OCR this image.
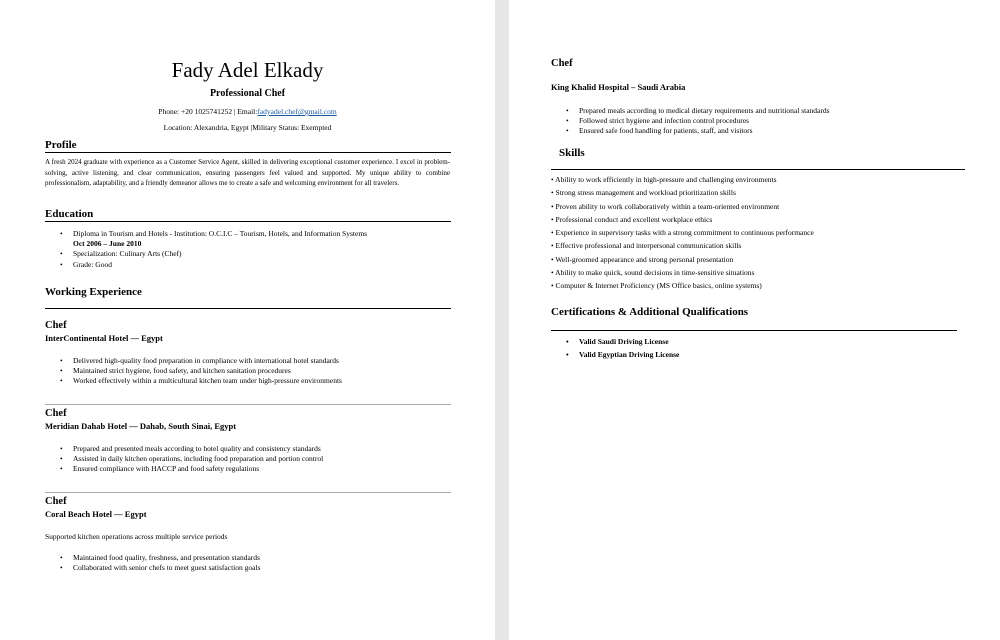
Fady Adel Elkady
Professional Chef
Phone: +20 1025741252 | Email:fadyadel.chef@gmail.com
Location: Alexandria, Egypt |Military Status: Exempted
Profile
A fresh 2024 graduate with experience as a Customer Service Agent, skilled in delivering exceptional customer experience. I excel in problem-solving, active listening, and clear communication, ensuring passengers feel valued and supported. My unique ability to combine professionalism, adaptability, and a friendly demeanor allows me to create a safe and welcoming environment for all travelers.
Education
• Diploma in Tourism and Hotels - Institution: O.C.I.C – Tourism, Hotels, and Information Systems
Oct 2006 – June 2010
• Specialization: Culinary Arts (Chef)
• Grade: Good
Working Experience
Chef
InterContinental Hotel — Egypt
• Delivered high-quality food preparation in compliance with international hotel standards
• Maintained strict hygiene, food safety, and kitchen sanitation procedures
• Worked effectively within a multicultural kitchen team under high-pressure environments
Chef
Meridian Dahab Hotel — Dahab, South Sinai, Egypt
• Prepared and presented meals according to hotel quality and consistency standards
• Assisted in daily kitchen operations, including food preparation and portion control
• Ensured compliance with HACCP and food safety regulations
Chef
Coral Beach Hotel — Egypt
Supported kitchen operations across multiple service periods
• Maintained food quality, freshness, and presentation standards
• Collaborated with senior chefs to meet guest satisfaction goals
Chef
King Khalid Hospital – Saudi Arabia
• Prepared meals according to medical dietary requirements and nutritional standards
• Followed strict hygiene and infection control procedures
• Ensured safe food handling for patients, staff, and visitors
Skills
• Ability to work efficiently in high-pressure and challenging environments
• Strong stress management and workload prioritization skills
• Proven ability to work collaboratively within a team-oriented environment
• Professional conduct and excellent workplace ethics
• Experience in supervisory tasks with a strong commitment to continuous performance
• Effective professional and interpersonal communication skills
• Well-groomed appearance and strong personal presentation
• Ability to make quick, sound decisions in time-sensitive situations
• Computer & Internet Proficiency (MS Office basics, online systems)
Certifications & Additional Qualifications
• Valid Saudi Driving License
• Valid Egyptian Driving License
